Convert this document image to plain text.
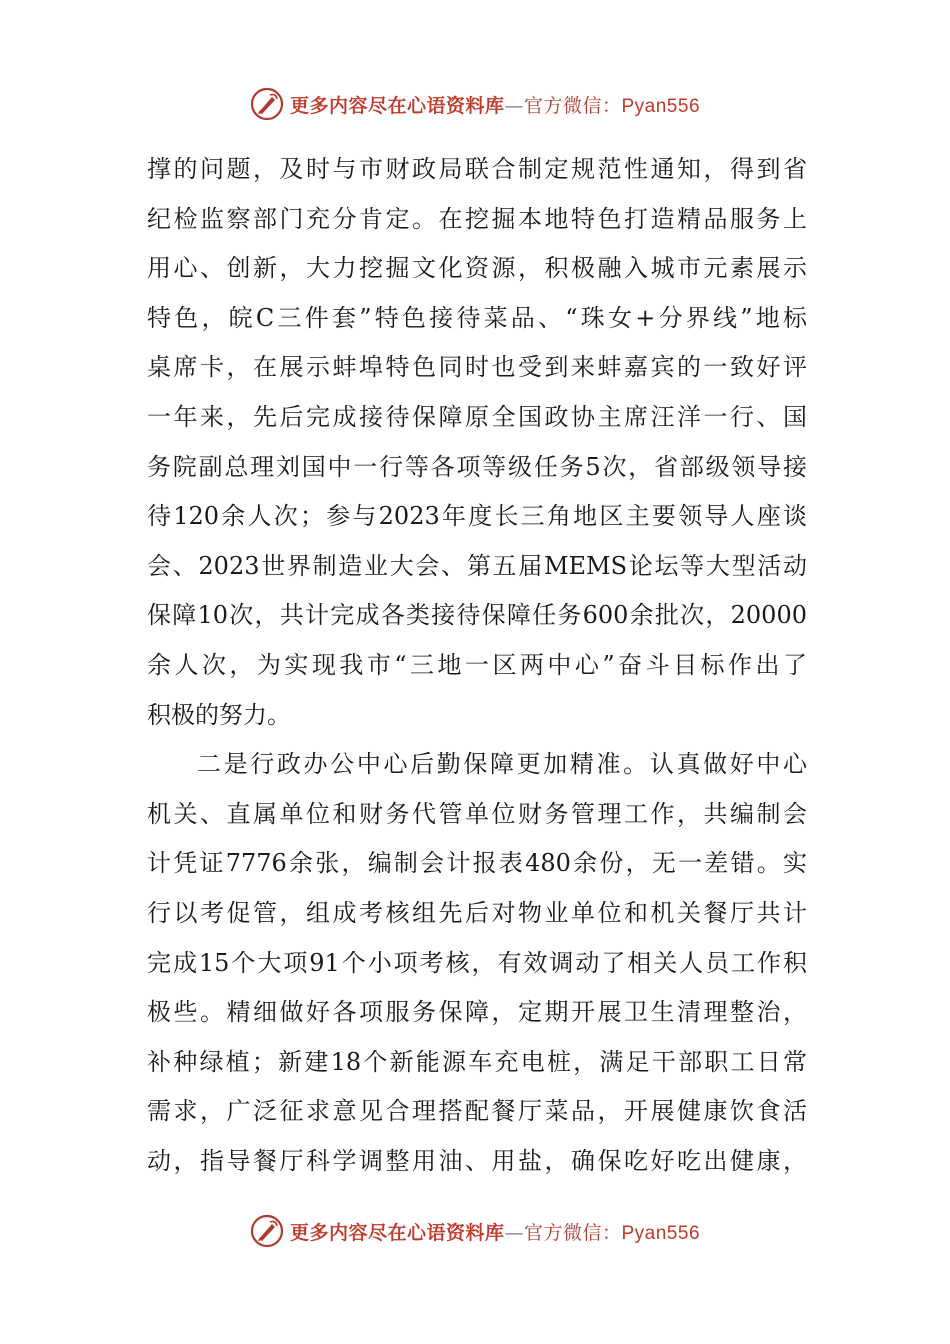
更多内容尽在心语资料库—官方微信：Pyan556
撑的问题，及时与市财政局联合制定规范性通知，得到省
纪检监察部门充分肯定。在挖掘本地特色打造精品服务上
用心、创新，大力挖掘文化资源，积极融入城市元素展示
特色，皖C三件套”特色接待菜品、“珠女+分界线”地标
桌席卡，在展示蚌埠特色同时也受到来蚌嘉宾的一致好评
一年来，先后完成接待保障原全国政协主席汪洋一行、国
务院副总理刘国中一行等各项等级任务5次，省部级领导接
待120余人次；参与2023年度长三角地区主要领导人座谈
会、2023世界制造业大会、第五届MEMS论坛等大型活动
保障10次，共计完成各类接待保障任务600余批次，20000
余人次，为实现我市“三地一区两中心”奋斗目标作出了
积极的努力。
二是行政办公中心后勤保障更加精准。认真做好中心
机关、直属单位和财务代管单位财务管理工作，共编制会
计凭证7776余张，编制会计报表480余份，无一差错。实
行以考促管，组成考核组先后对物业单位和机关餐厅共计
完成15个大项91个小项考核，有效调动了相关人员工作积
极些。精细做好各项服务保障，定期开展卫生清理整治，
补种绿植；新建18个新能源车充电桩，满足干部职工日常
需求，广泛征求意见合理搭配餐厅菜品，开展健康饮食活
动，指导餐厅科学调整用油、用盐，确保吃好吃出健康，
更多内容尽在心语资料库—官方微信：Pyan556
